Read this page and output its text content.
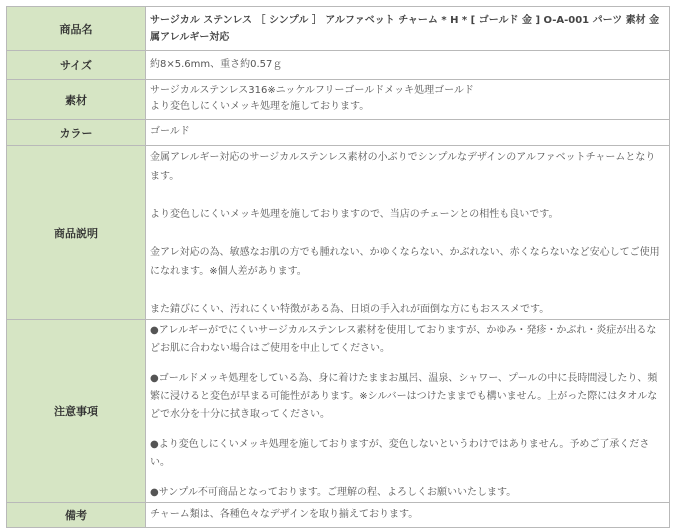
商品名	サージカル ステンレス ［ シンプル ］ アルファベット チャーム * H * [ ゴールド 金 ] O-A-001 パーツ 素材 金属アレルギー対応
サイズ	約8×5.6mm、重さ約0.57ｇ
素材	サージカルステンレス316※ニッケルフリーゴールドメッキ処理ゴールド

より変色しにくいメッキ処理を施しております。

カラー	ゴールド
商品説明	金属アレルギー対応のサージカルステンレス素材の小ぶりでシンプルなデザインのアルファベットチャームとなります。

より変色しにくいメッキ処理を施しておりますので、当店のチェーンとの相性も良いです。

金アレ対応の為、敏感なお肌の方でも腫れない、かゆくならない、かぶれない、赤くならないなど安心してご使用になれます。※個人差があります。

また錆びにくい、汚れにくい特徴がある為、日頃の手入れが面倒な方にもおススメです。

注意事項	●アレルギーがでにくいサージカルステンレス素材を使用しておりますが、かゆみ・発疹・かぶれ・炎症が出るなどお肌に合わない場合はご使用を中止してください。

●ゴールドメッキ処理をしている為、身に着けたままお風呂、温泉、シャワー、プールの中に長時間浸したり、頻繁に浸けると変色が早まる可能性があります。※シルバーはつけたままでも構いません。上がった際にはタオルなどで水分を十分に拭き取ってください。

●より変色しにくいメッキ処理を施しておりますが、変色しないというわけではありません。予めご了承ください。

●サンプル不可商品となっております。ご理解の程、よろしくお願いいたします。

備考	チャーム類は、各種色々なデザインを取り揃えております。
